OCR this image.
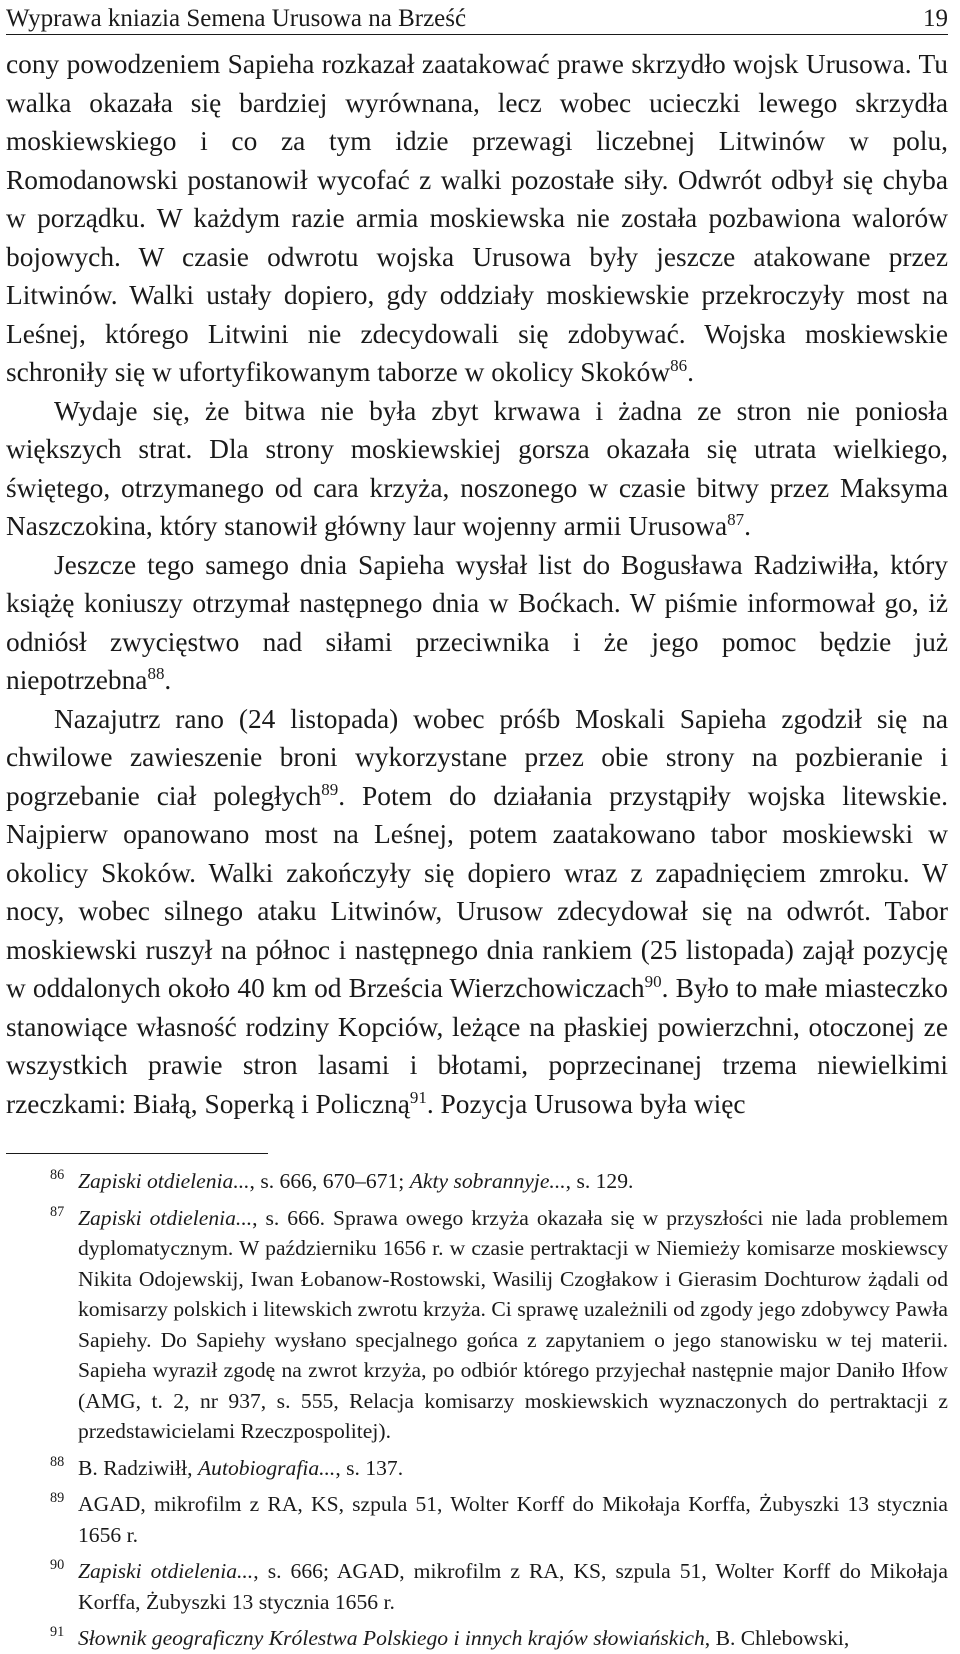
Wyprawa kniazia Semena Urusowa na Brześć	19

cony powodzeniem Sapieha rozkazał zaatakować prawe skrzydło wojsk Urusowa. Tu walka okazała się bardziej wyrównana, lecz wobec ucieczki lewego skrzydła moskiewskiego i co za tym idzie przewagi liczebnej Litwinów w polu, Romodanowski postanowił wycofać z walki pozostałe siły. Odwrót odbył się chyba w porządku. W każdym razie armia moskiewska nie została pozbawiona walorów bojowych. W czasie odwrotu wojska Urusowa były jeszcze atakowane przez Litwinów. Walki ustały dopiero, gdy oddziały moskiewskie przekroczyły most na Leśnej, którego Litwini nie zdecydowali się zdobywać. Wojska moskiewskie schroniły się w ufortyfikowanym taborze w okolicy Skoków$^{86}$.

Wydaje się, że bitwa nie była zbyt krwawa i żadna ze stron nie poniosła większych strat. Dla strony moskiewskiej gorsza okazała się utrata wielkiego, świętego, otrzymanego od cara krzyża, noszonego w czasie bitwy przez Maksyma Naszczokina, który stanowił główny laur wojenny armii Urusowa$^{87}$.

Jeszcze tego samego dnia Sapieha wysłał list do Bogusława Radziwiłła, który książę koniuszy otrzymał następnego dnia w Boćkach. W piśmie informował go, iż odniósł zwycięstwo nad siłami przeciwnika i że jego pomoc będzie już niepotrzebna$^{88}$.

Nazajutrz rano (24 listopada) wobec próśb Moskali Sapieha zgodził się na chwilowe zawieszenie broni wykorzystane przez obie strony na pozbieranie i pogrzebanie ciał poległych$^{89}$. Potem do działania przystąpiły wojska litewskie. Najpierw opanowano most na Leśnej, potem zaatakowano tabor moskiewski w okolicy Skoków. Walki zakończyły się dopiero wraz z zapadnięciem zmroku. W nocy, wobec silnego ataku Litwinów, Urusow zdecydował się na odwrót. Tabor moskiewski ruszył na północ i następnego dnia rankiem (25 listopada) zajął pozycję w oddalonych około 40 km od Brześcia Wierzchowiczach$^{90}$. Było to małe miasteczko stanowiące własność rodziny Kopciów, leżące na płaskiej powierzchni, otoczonej ze wszystkich prawie stron lasami i błotami, poprzecinanej trzema niewielkimi rzeczkami: Białą, Soperką i Policzną$^{91}$. Pozycja Urusowa była więc

86 Zapiski otdielenia..., s. 666, 670–671; Akty sobrannyje..., s. 129.
87 Zapiski otdielenia..., s. 666. Sprawa owego krzyża okazała się w przyszłości nie lada problemem dyplomatycznym. W październiku 1656 r. w czasie pertraktacji w Niemieży komisarze moskiewscy Nikita Odojewskij, Iwan Łobanow-Rostowski, Wasilij Czogłakow i Gierasim Dochturow żądali od komisarzy polskich i litewskich zwrotu krzyża. Ci sprawę uzależnili od zgody jego zdobywcy Pawła Sapiehy. Do Sapiehy wysłano specjalnego gońca z zapytaniem o jego stanowisku w tej materii. Sapieha wyraził zgodę na zwrot krzyża, po odbiór którego przyjechał następnie major Daniło Iłfow (AMG, t. 2, nr 937, s. 555, Relacja komisarzy moskiewskich wyznaczonych do pertraktacji z przedstawicielami Rzeczpospolitej).
88 B. Radziwiłł, Autobiografia..., s. 137.
89 AGAD, mikrofilm z RA, KS, szpula 51, Wolter Korff do Mikołaja Korffa, Żubyszki 13 stycznia 1656 r.
90 Zapiski otdielenia..., s. 666; AGAD, mikrofilm z RA, KS, szpula 51, Wolter Korff do Mikołaja Korffa, Żubyszki 13 stycznia 1656 r.
91 Słownik geograficzny Królestwa Polskiego i innych krajów słowiańskich, B. Chlebowski,
